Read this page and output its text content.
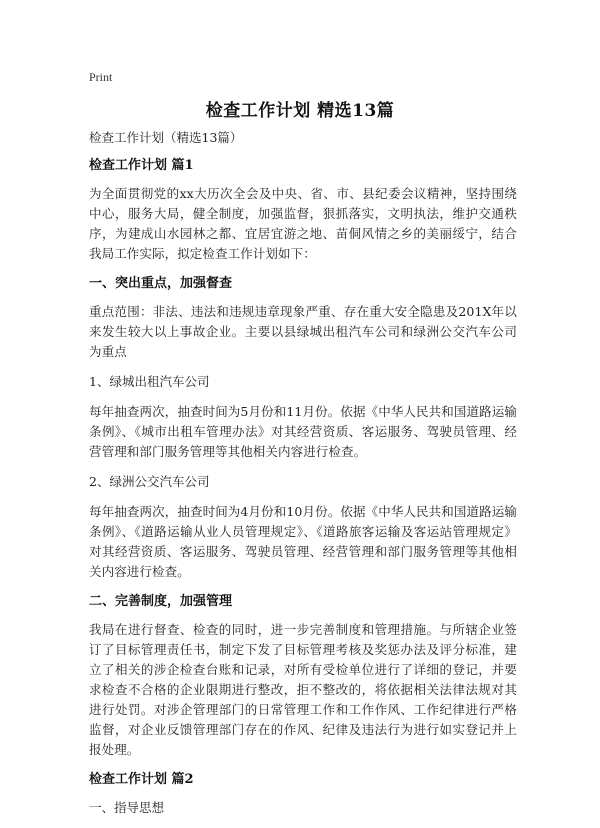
Print
检查工作计划 精选13篇

检查工作计划（精选13篇）

检查工作计划 篇1

为全面贯彻党的xx大历次全会及中央、省、市、县纪委会议精神，坚持围绕中心，服务大局，健全制度，加强监督，狠抓落实，文明执法，维护交通秩序，为建成山水园林之都、宜居宜游之地、苗侗风情之乡的美丽绥宁，结合我局工作实际，拟定检查工作计划如下：

一、突出重点，加强督查

重点范围：非法、违法和违规违章现象严重、存在重大安全隐患及201X年以来发生较大以上事故企业。主要以县绿城出租汽车公司和绿洲公交汽车公司为重点

1、绿城出租汽车公司

每年抽查两次，抽查时间为5月份和11月份。依据《中华人民共和国道路运输条例》、《城市出租车管理办法》对其经营资质、客运服务、驾驶员管理、经营管理和部门服务管理等其他相关内容进行检查。

2、绿洲公交汽车公司

每年抽查两次，抽查时间为4月份和10月份。依据《中华人民共和国道路运输条例》、《道路运输从业人员管理规定》、《道路旅客运输及客运站管理规定》对其经营资质、客运服务、驾驶员管理、经营管理和部门服务管理等其他相关内容进行检查。

二、完善制度，加强管理

我局在进行督查、检查的同时，进一步完善制度和管理措施。与所辖企业签订了目标管理责任书，制定下发了目标管理考核及奖惩办法及评分标准，建立了相关的涉企检查台账和记录，对所有受检单位进行了详细的登记，并要求检查不合格的企业限期进行整改，拒不整改的，将依据相关法律法规对其进行处罚。对涉企管理部门的日常管理工作和工作作风、工作纪律进行严格监督，对企业反馈管理部门存在的作风、纪律及违法行为进行如实登记并上报处理。

检查工作计划 篇2

一、指导思想
